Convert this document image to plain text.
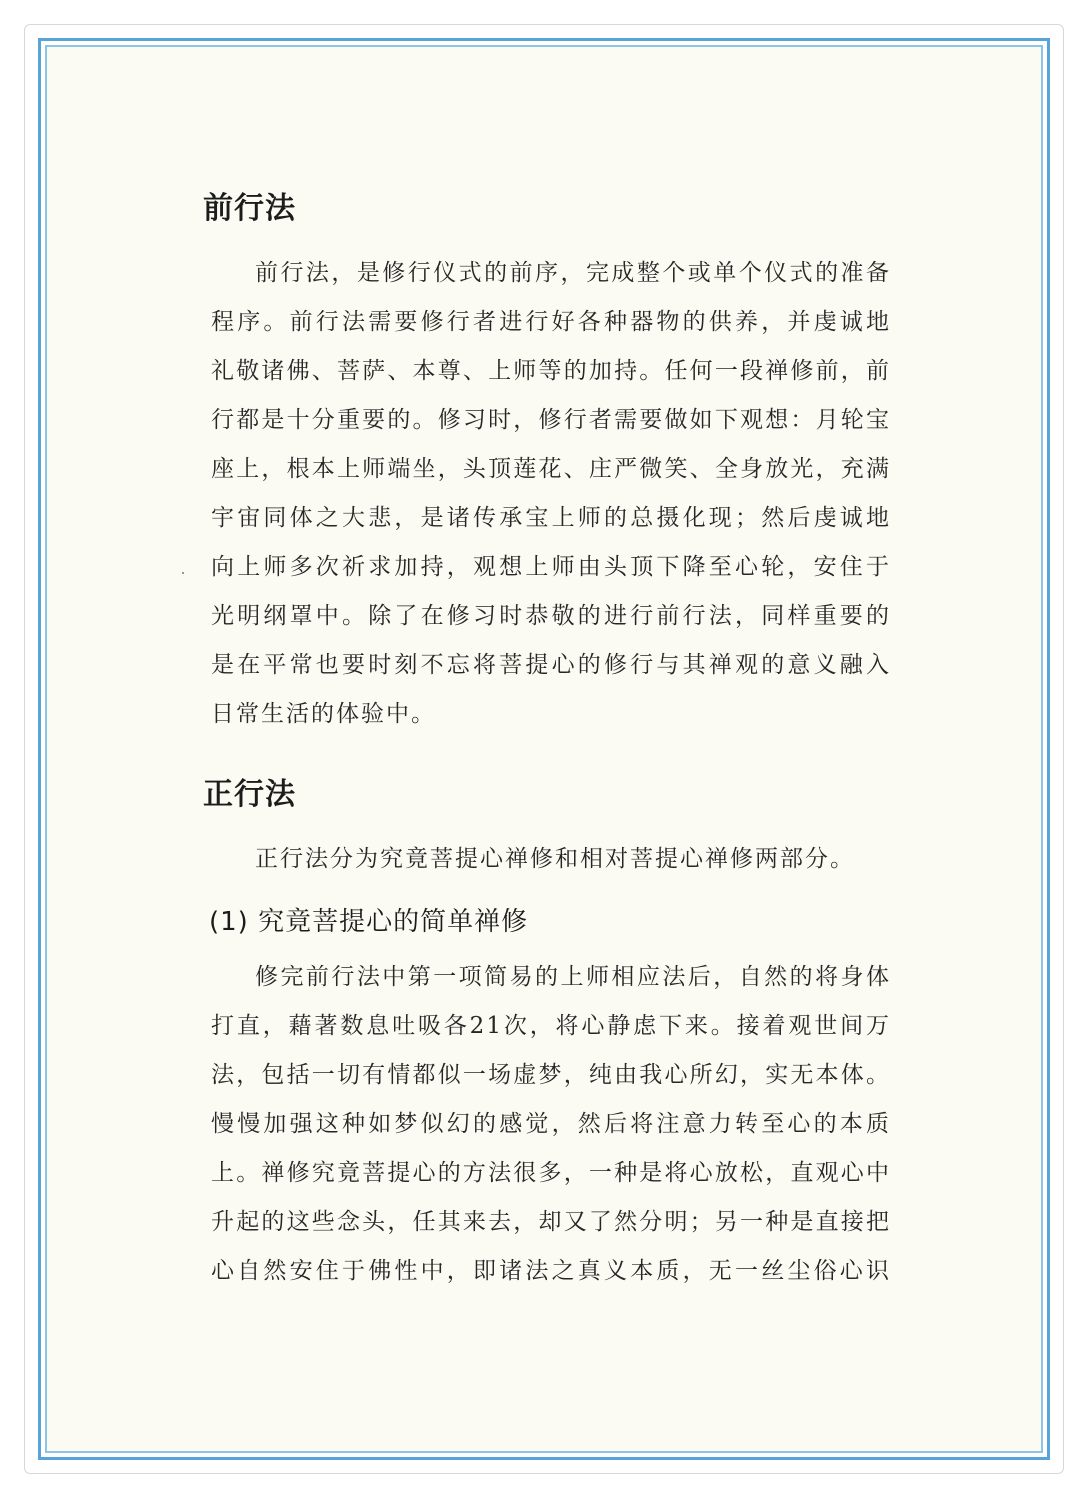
前行法
前行法，是修行仪式的前序，完成整个或单个仪式的准备
程序。前行法需要修行者进行好各种器物的供养，并虔诚地
礼敬诸佛、菩萨、本尊、上师等的加持。任何一段禅修前，前
行都是十分重要的。修习时，修行者需要做如下观想：月轮宝
座上，根本上师端坐，头顶莲花、庄严微笑、全身放光，充满
宇宙同体之大悲，是诸传承宝上师的总摄化现；然后虔诚地
向上师多次祈求加持，观想上师由头顶下降至心轮，安住于
光明纲罩中。除了在修习时恭敬的进行前行法，同样重要的
是在平常也要时刻不忘将菩提心的修行与其禅观的意义融入
日常生活的体验中。
正行法
正行法分为究竟菩提心禅修和相对菩提心禅修两部分。
(1) 究竟菩提心的简单禅修
修完前行法中第一项简易的上师相应法后，自然的将身体
打直，藉著数息吐吸各21次，将心静虑下来。接着观世间万
法，包括一切有情都似一场虚梦，纯由我心所幻，实无本体。
慢慢加强这种如梦似幻的感觉，然后将注意力转至心的本质
上。禅修究竟菩提心的方法很多，一种是将心放松，直观心中
升起的这些念头，任其来去，却又了然分明；另一种是直接把
心自然安住于佛性中，即诸法之真义本质，无一丝尘俗心识
